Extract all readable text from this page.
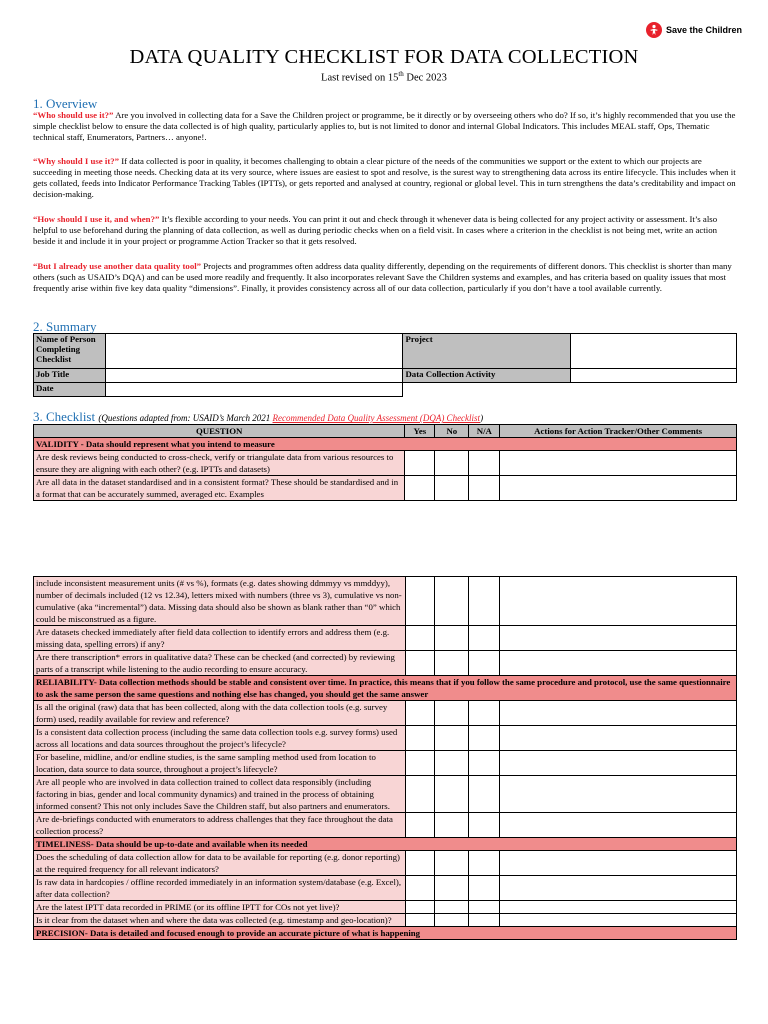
Save the Children
DATA QUALITY CHECKLIST FOR DATA COLLECTION
Last revised on 15th Dec 2023
1. Overview
“Who should use it?” Are you involved in collecting data for a Save the Children project or programme, be it directly or by overseeing others who do? If so, it’s highly recommended that you use the simple checklist below to ensure the data collected is of high quality, particularly applies to, but is not limited to donor and internal Global Indicators. This includes MEAL staff, Ops, Thematic technical staff, Enumerators, Partners… anyone!.
“Why should I use it?” If data collected is poor in quality, it becomes challenging to obtain a clear picture of the needs of the communities we support or the extent to which our projects are succeeding in meeting those needs. Checking data at its very source, where issues are easiest to spot and resolve, is the surest way to strengthening data across its entire lifecycle. This includes when it gets collated, feeds into Indicator Performance Tracking Tables (IPTTs), or gets reported and analysed at country, regional or global level. This in turn strengthens the data’s creditability and impact on decision-making.
“How should I use it, and when?” It’s flexible according to your needs. You can print it out and check through it whenever data is being collected for any project activity or assessment. It’s also helpful to use beforehand during the planning of data collection, as well as during periodic checks when on a field visit. In cases where a criterion in the checklist is not being met, write an action beside it and include it in your project or programme Action Tracker so that it gets resolved.
“But I already use another data quality tool” Projects and programmes often address data quality differently, depending on the requirements of different donors. This checklist is shorter than many others (such as USAID’s DQA) and can be used more readily and frequently. It also incorporates relevant Save the Children systems and examples, and has criteria based on quality issues that most frequently arise within five key data quality “dimensions”. Finally, it provides consistency across all of our data collection, particularly if you don’t have a tool available currently.
2. Summary
Name of Person Completing Checklist		Project	
Job Title		Data Collection Activity	
Date			
3. Checklist (Questions adapted from: USAID’s March 2021 Recommended Data Quality Assessment (DQA) Checklist)
QUESTION	Yes	No	N/A	Actions for Action Tracker/Other Comments
VALIDITY - Data should represent what you intend to measure				
Are desk reviews being conducted to cross-check, verify or triangulate data from various resources to ensure they are aligning with each other? (e.g. IPTTs and datasets)				
Are all data in the dataset standardised and in a consistent format? These should be standardised and in a format that can be accurately summed, averaged etc. Examples				
include inconsistent measurement units (# vs %), formats (e.g. dates showing ddmmyy vs mmddyy), number of decimals included (12 vs 12.34), letters mixed with numbers (three vs 3), cumulative vs non-cumulative (aka “incremental”) data. Missing data should also be shown as blank rather than “0” which could be misconstrued as a figure.				
Are datasets checked immediately after field data collection to identify errors and address them (e.g. missing data, spelling errors) if any?				
Are there transcription* errors in qualitative data? These can be checked (and corrected) by reviewing parts of a transcript while listening to the audio recording to ensure accuracy.				
RELIABILITY- Data collection methods should be stable and consistent over time. In practice, this means that if you follow the same procedure and protocol, use the same questionnaire to ask the same person the same questions and nothing else has changed, you should get the same answer				
Is all the original (raw) data that has been collected, along with the data collection tools (e.g. survey form) used, readily available for review and reference?				
Is a consistent data collection process (including the same data collection tools e.g. survey forms) used across all locations and data sources throughout the project’s lifecycle?				
For baseline, midline, and/or endline studies, is the same sampling method used from location to location, data source to data source, throughout a project’s lifecycle?				
Are all people who are involved in data collection trained to collect data responsibly (including factoring in bias, gender and local community dynamics) and trained in the process of obtaining informed consent? This not only includes Save the Children staff, but also partners and enumerators.				
Are de-briefings conducted with enumerators to address challenges that they face throughout the data collection process?				
TIMELINESS- Data should be up-to-date and available when its needed				
Does the scheduling of data collection allow for data to be available for reporting (e.g. donor reporting) at the required frequency for all relevant indicators?				
Is raw data in hardcopies / offline recorded immediately in an information system/database (e.g. Excel), after data collection?				
Are the latest IPTT data recorded in PRIME (or its offline IPTT for COs not yet live)?				
Is it clear from the dataset when and where the data was collected (e.g. timestamp and geo-location)?				
PRECISION- Data is detailed and focused enough to provide an accurate picture of what is happening				
